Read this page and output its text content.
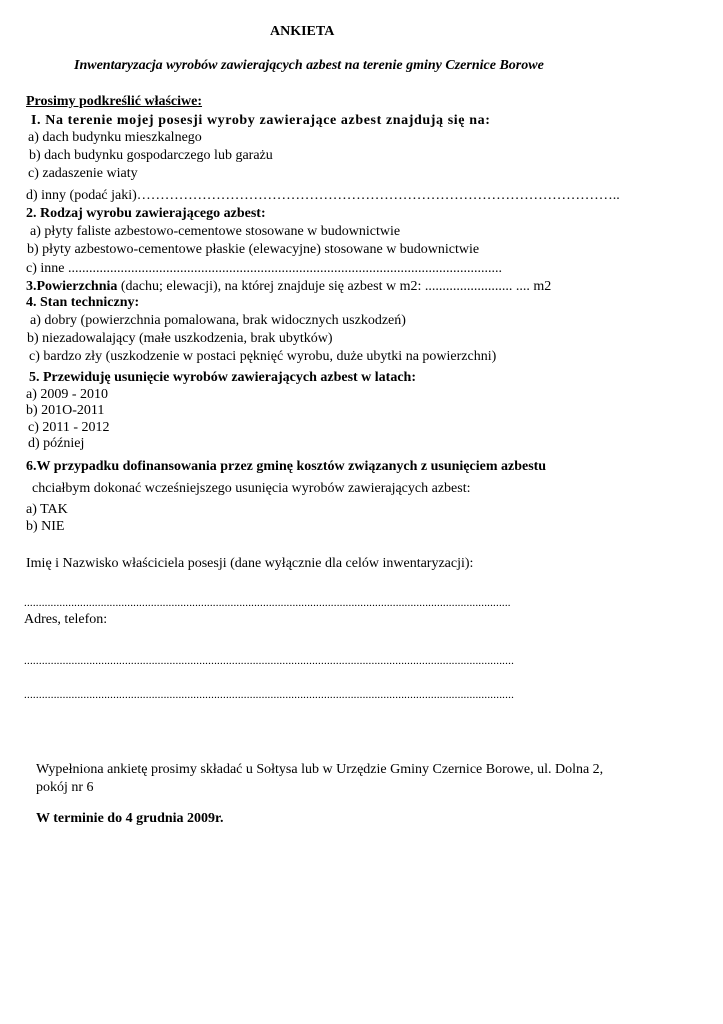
ANKIETA
Inwentaryzacja wyrobów zawierających azbest na terenie gminy Czernice Borowe
Prosimy podkreślić właściwe:
I. Na terenie mojej posesji wyroby zawierające azbest znajdują się na:
a) dach budynku mieszkalnego
b) dach budynku gospodarczego lub garażu
c) zadaszenie wiaty
d) inny (podać jaki)…………………………………………………………………………………………..
2. Rodzaj wyrobu zawierającego azbest:
a) płyty faliste azbestowo-cementowe stosowane w budownictwie
b) płyty azbestowo-cementowe płaskie (elewacyjne) stosowane w budownictwie
c) inne ............................................................................................................................
3.Powierzchnia (dachu; elewacji), na której znajduje się azbest w m2: ......................... .... m2
4. Stan techniczny:
a) dobry (powierzchnia pomalowana, brak widocznych uszkodzeń)
b) niezadowalający (małe uszkodzenia, brak ubytków)
c) bardzo zły (uszkodzenie w postaci pęknięć wyrobu, duże ubytki na powierzchni)
5. Przewiduję usunięcie wyrobów zawierających azbest w latach:
a) 2009 - 2010
b) 201O-2011
c) 2011 - 2012
d) później
6.W przypadku dofinansowania przez gminę kosztów związanych z usunięciem azbestu
chciałbym dokonać wcześniejszego usunięcia wyrobów zawierających azbest:
a) TAK
b) NIE
Imię i Nazwisko właściciela posesji (dane wyłącznie dla celów inwentaryzacji):
.....................................................................................................................................................................
Adres, telefon:
.....................................................................................................................................................................
.....................................................................................................................................................................
Wypełniona ankietę prosimy składać u Sołtysa lub w Urzędzie Gminy Czernice Borowe, ul. Dolna 2,
pokój nr 6
W terminie do 4 grudnia 2009r.
